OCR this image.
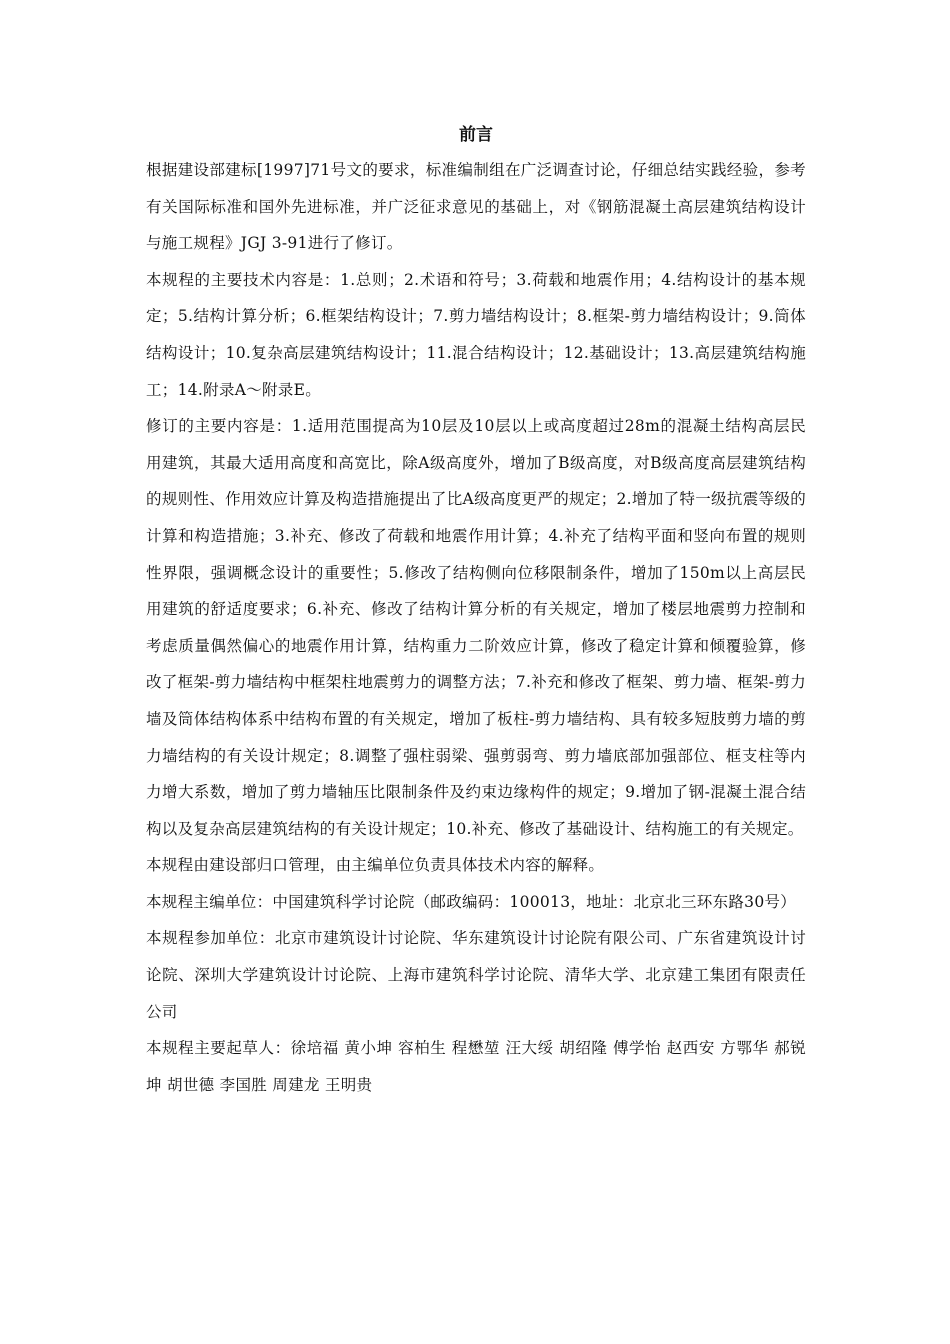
前言

根据建设部建标[1997]71号文的要求，标准编制组在广泛调查讨论，仔细总结实践经验，参考有关国际标准和国外先进标准，并广泛征求意见的基础上，对《钢筋混凝土高层建筑结构设计与施工规程》JGJ 3-91进行了修订。

本规程的主要技术内容是：1.总则；2.术语和符号；3.荷载和地震作用；4.结构设计的基本规定；5.结构计算分析；6.框架结构设计；7.剪力墙结构设计；8.框架-剪力墙结构设计；9.筒体结构设计；10.复杂高层建筑结构设计；11.混合结构设计；12.基础设计；13.高层建筑结构施工；14.附录A～附录E。

修订的主要内容是：1.适用范围提高为10层及10层以上或高度超过28m的混凝土结构高层民用建筑，其最大适用高度和高宽比，除A级高度外，增加了B级高度，对B级高度高层建筑结构的规则性、作用效应计算及构造措施提出了比A级高度更严的规定；2.增加了特一级抗震等级的计算和构造措施；3.补充、修改了荷载和地震作用计算；4.补充了结构平面和竖向布置的规则性界限，强调概念设计的重要性；5.修改了结构侧向位移限制条件，增加了150m以上高层民用建筑的舒适度要求；6.补充、修改了结构计算分析的有关规定，增加了楼层地震剪力控制和考虑质量偶然偏心的地震作用计算，结构重力二阶效应计算，修改了稳定计算和倾覆验算，修改了框架-剪力墙结构中框架柱地震剪力的调整方法；7.补充和修改了框架、剪力墙、框架-剪力墙及筒体结构体系中结构布置的有关规定，增加了板柱-剪力墙结构、具有较多短肢剪力墙的剪力墙结构的有关设计规定；8.调整了强柱弱梁、强剪弱弯、剪力墙底部加强部位、框支柱等内力增大系数，增加了剪力墙轴压比限制条件及约束边缘构件的规定；9.增加了钢-混凝土混合结构以及复杂高层建筑结构的有关设计规定；10.补充、修改了基础设计、结构施工的有关规定。

本规程由建设部归口管理，由主编单位负责具体技术内容的解释。

本规程主编单位：中国建筑科学讨论院（邮政编码：100013，地址：北京北三环东路30号）

本规程参加单位：北京市建筑设计讨论院、华东建筑设计讨论院有限公司、广东省建筑设计讨论院、深圳大学建筑设计讨论院、上海市建筑科学讨论院、清华大学、北京建工集团有限责任公司

本规程主要起草人：徐培福 黄小坤 容柏生 程懋堃 汪大绥 胡绍隆 傅学怡 赵西安 方鄂华 郝锐坤 胡世德 李国胜 周建龙 王明贵
